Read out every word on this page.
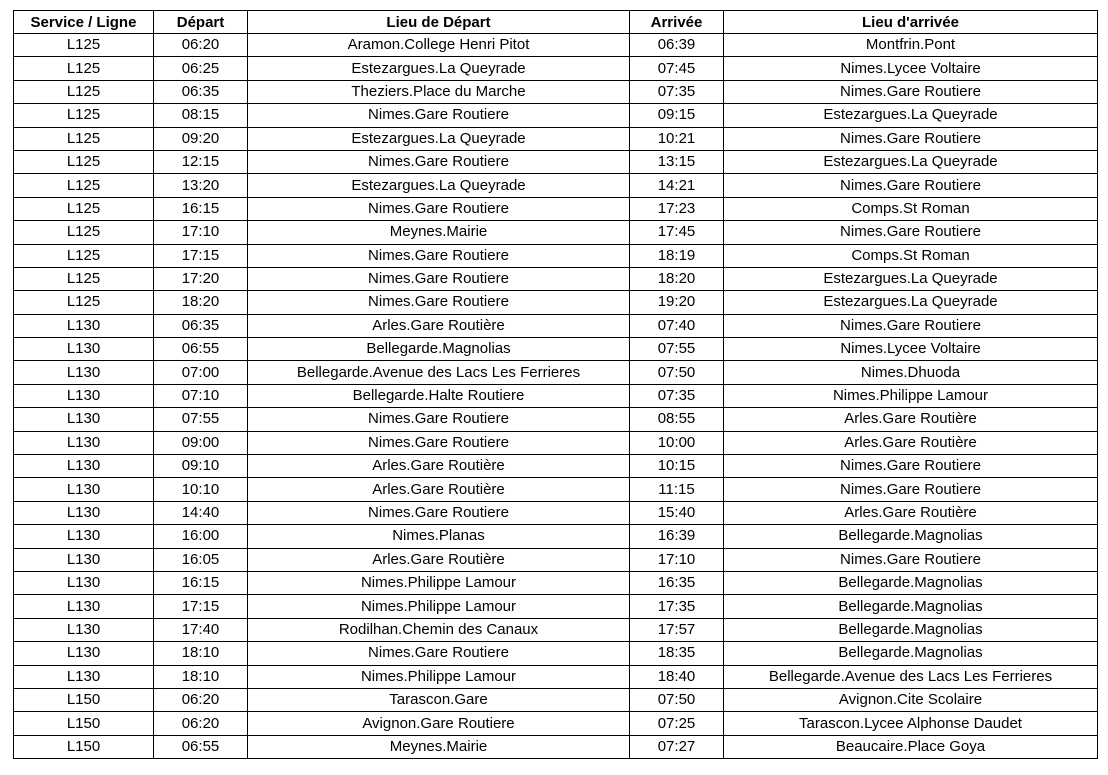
Service / Ligne	Départ	Lieu de Départ	Arrivée	Lieu d'arrivée
L125	06:20	Aramon.College Henri Pitot	06:39	Montfrin.Pont
L125	06:25	Estezargues.La Queyrade	07:45	Nimes.Lycee Voltaire
L125	06:35	Theziers.Place du Marche	07:35	Nimes.Gare Routiere
L125	08:15	Nimes.Gare Routiere	09:15	Estezargues.La Queyrade
L125	09:20	Estezargues.La Queyrade	10:21	Nimes.Gare Routiere
L125	12:15	Nimes.Gare Routiere	13:15	Estezargues.La Queyrade
L125	13:20	Estezargues.La Queyrade	14:21	Nimes.Gare Routiere
L125	16:15	Nimes.Gare Routiere	17:23	Comps.St Roman
L125	17:10	Meynes.Mairie	17:45	Nimes.Gare Routiere
L125	17:15	Nimes.Gare Routiere	18:19	Comps.St Roman
L125	17:20	Nimes.Gare Routiere	18:20	Estezargues.La Queyrade
L125	18:20	Nimes.Gare Routiere	19:20	Estezargues.La Queyrade
L130	06:35	Arles.Gare Routière	07:40	Nimes.Gare Routiere
L130	06:55	Bellegarde.Magnolias	07:55	Nimes.Lycee Voltaire
L130	07:00	Bellegarde.Avenue des Lacs Les Ferrieres	07:50	Nimes.Dhuoda
L130	07:10	Bellegarde.Halte Routiere	07:35	Nimes.Philippe Lamour
L130	07:55	Nimes.Gare Routiere	08:55	Arles.Gare Routière
L130	09:00	Nimes.Gare Routiere	10:00	Arles.Gare Routière
L130	09:10	Arles.Gare Routière	10:15	Nimes.Gare Routiere
L130	10:10	Arles.Gare Routière	11:15	Nimes.Gare Routiere
L130	14:40	Nimes.Gare Routiere	15:40	Arles.Gare Routière
L130	16:00	Nimes.Planas	16:39	Bellegarde.Magnolias
L130	16:05	Arles.Gare Routière	17:10	Nimes.Gare Routiere
L130	16:15	Nimes.Philippe Lamour	16:35	Bellegarde.Magnolias
L130	17:15	Nimes.Philippe Lamour	17:35	Bellegarde.Magnolias
L130	17:40	Rodilhan.Chemin des Canaux	17:57	Bellegarde.Magnolias
L130	18:10	Nimes.Gare Routiere	18:35	Bellegarde.Magnolias
L130	18:10	Nimes.Philippe Lamour	18:40	Bellegarde.Avenue des Lacs Les Ferrieres
L150	06:20	Tarascon.Gare	07:50	Avignon.Cite Scolaire
L150	06:20	Avignon.Gare Routiere	07:25	Tarascon.Lycee Alphonse Daudet
L150	06:55	Meynes.Mairie	07:27	Beaucaire.Place Goya
